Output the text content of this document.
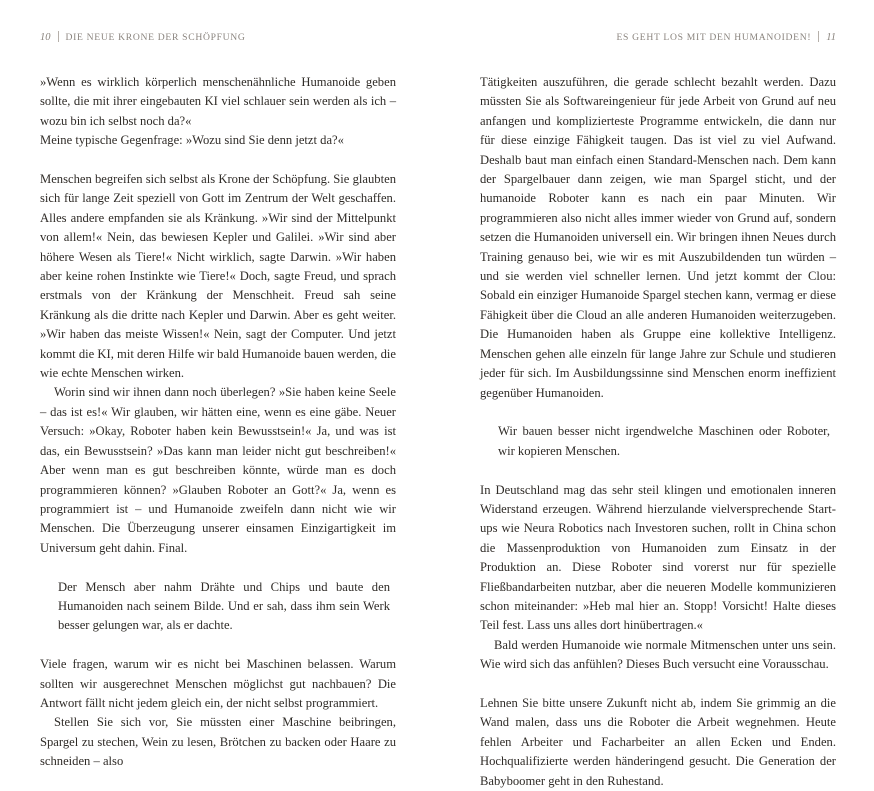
10 DIE NEUE KRONE DER SCHÖPFUNG

»Wenn es wirklich körperlich menschenähnliche Humanoide geben sollte, die mit ihrer eingebauten KI viel schlauer sein werden als ich – wozu bin ich selbst noch da?«

Meine typische Gegenfrage: »Wozu sind Sie denn jetzt da?«

Menschen begreifen sich selbst als Krone der Schöpfung. Sie glaubten sich für lange Zeit speziell von Gott im Zentrum der Welt geschaffen. Alles andere empfanden sie als Kränkung. »Wir sind der Mittelpunkt von allem!« Nein, das bewiesen Kepler und Galilei. »Wir sind aber höhere Wesen als Tiere!« Nicht wirklich, sagte Darwin. »Wir haben aber keine rohen Instinkte wie Tiere!« Doch, sagte Freud, und sprach erstmals von der Kränkung der Menschheit. Freud sah seine Kränkung als die dritte nach Kepler und Darwin. Aber es geht weiter. »Wir haben das meiste Wissen!« Nein, sagt der Computer. Und jetzt kommt die KI, mit deren Hilfe wir bald Humanoide bauen werden, die wie echte Menschen wirken.

Worin sind wir ihnen dann noch überlegen? »Sie haben keine Seele – das ist es!« Wir glauben, wir hätten eine, wenn es eine gäbe. Neuer Versuch: »Okay, Roboter haben kein Bewusstsein!« Ja, und was ist das, ein Bewusstsein? »Das kann man leider nicht gut beschreiben!« Aber wenn man es gut beschreiben könnte, würde man es doch programmieren können? »Glauben Roboter an Gott?« Ja, wenn es programmiert ist – und Humanoide zweifeln dann nicht wie wir Menschen. Die Überzeugung unserer einsamen Einzigartigkeit im Universum geht dahin. Final.

Der Mensch aber nahm Drähte und Chips und baute den Humanoiden nach seinem Bilde. Und er sah, dass ihm sein Werk besser gelungen war, als er dachte.

Viele fragen, warum wir es nicht bei Maschinen belassen. Warum sollten wir ausgerechnet Menschen möglichst gut nachbauen? Die Antwort fällt nicht jedem gleich ein, der nicht selbst programmiert.

Stellen Sie sich vor, Sie müssten einer Maschine beibringen, Spargel zu stechen, Wein zu lesen, Brötchen zu backen oder Haare zu schneiden – also

ES GEHT LOS MIT DEN HUMANOIDEN! 11

Tätigkeiten auszuführen, die gerade schlecht bezahlt werden. Dazu müssten Sie als Softwareingenieur für jede Arbeit von Grund auf neu anfangen und komplizierteste Programme entwickeln, die dann nur für diese einzige Fähigkeit taugen. Das ist viel zu viel Aufwand. Deshalb baut man einfach einen Standard-Menschen nach. Dem kann der Spargelbauer dann zeigen, wie man Spargel sticht, und der humanoide Roboter kann es nach ein paar Minuten. Wir programmieren also nicht alles immer wieder von Grund auf, sondern setzen die Humanoiden universell ein. Wir bringen ihnen Neues durch Training genauso bei, wie wir es mit Auszubildenden tun würden – und sie werden viel schneller lernen. Und jetzt kommt der Clou: Sobald ein einziger Humanoide Spargel stechen kann, vermag er diese Fähigkeit über die Cloud an alle anderen Humanoiden weiterzugeben. Die Humanoiden haben als Gruppe eine kollektive Intelligenz. Menschen gehen alle einzeln für lange Jahre zur Schule und studieren jeder für sich. Im Ausbildungssinne sind Menschen enorm ineffizient gegenüber Humanoiden.

Wir bauen besser nicht irgendwelche Maschinen oder Roboter, wir kopieren Menschen.

In Deutschland mag das sehr steil klingen und emotionalen inneren Widerstand erzeugen. Während hierzulande vielversprechende Start-ups wie Neura Robotics nach Investoren suchen, rollt in China schon die Massenproduktion von Humanoiden zum Einsatz in der Produktion an. Diese Roboter sind vorerst nur für spezielle Fließbandarbeiten nutzbar, aber die neueren Modelle kommunizieren schon miteinander: »Heb mal hier an. Stopp! Vorsicht! Halte dieses Teil fest. Lass uns alles dort hinübertragen.«

Bald werden Humanoide wie normale Mitmenschen unter uns sein. Wie wird sich das anfühlen? Dieses Buch versucht eine Vorausschau.

Lehnen Sie bitte unsere Zukunft nicht ab, indem Sie grimmig an die Wand malen, dass uns die Roboter die Arbeit wegnehmen. Heute fehlen Arbeiter und Facharbeiter an allen Ecken und Enden. Hochqualifizierte werden händeringend gesucht. Die Generation der Babyboomer geht in den Ruhestand.
